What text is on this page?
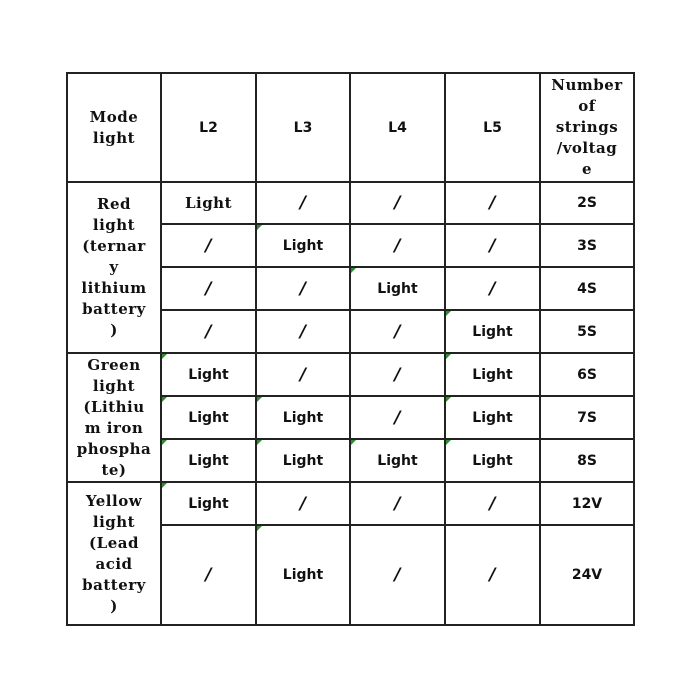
Mode
light	L2	L3	L4	L5	Number
of
strings
/voltag
e
Red
light
(ternar
y
lithium
battery
)	Light	/	/	/	2S
	/	Light	/	/	3S
	/	/	Light	/	4S
	/	/	/	Light	5S
Green
light
(Lithiu
m iron
phospha
te)	Light	/	/	Light	6S
	Light	Light	/	Light	7S
	Light	Light	Light	Light	8S
Yellow
light
(Lead
acid
battery
)	Light	/	/	/	12V
	/	Light	/	/	24V
